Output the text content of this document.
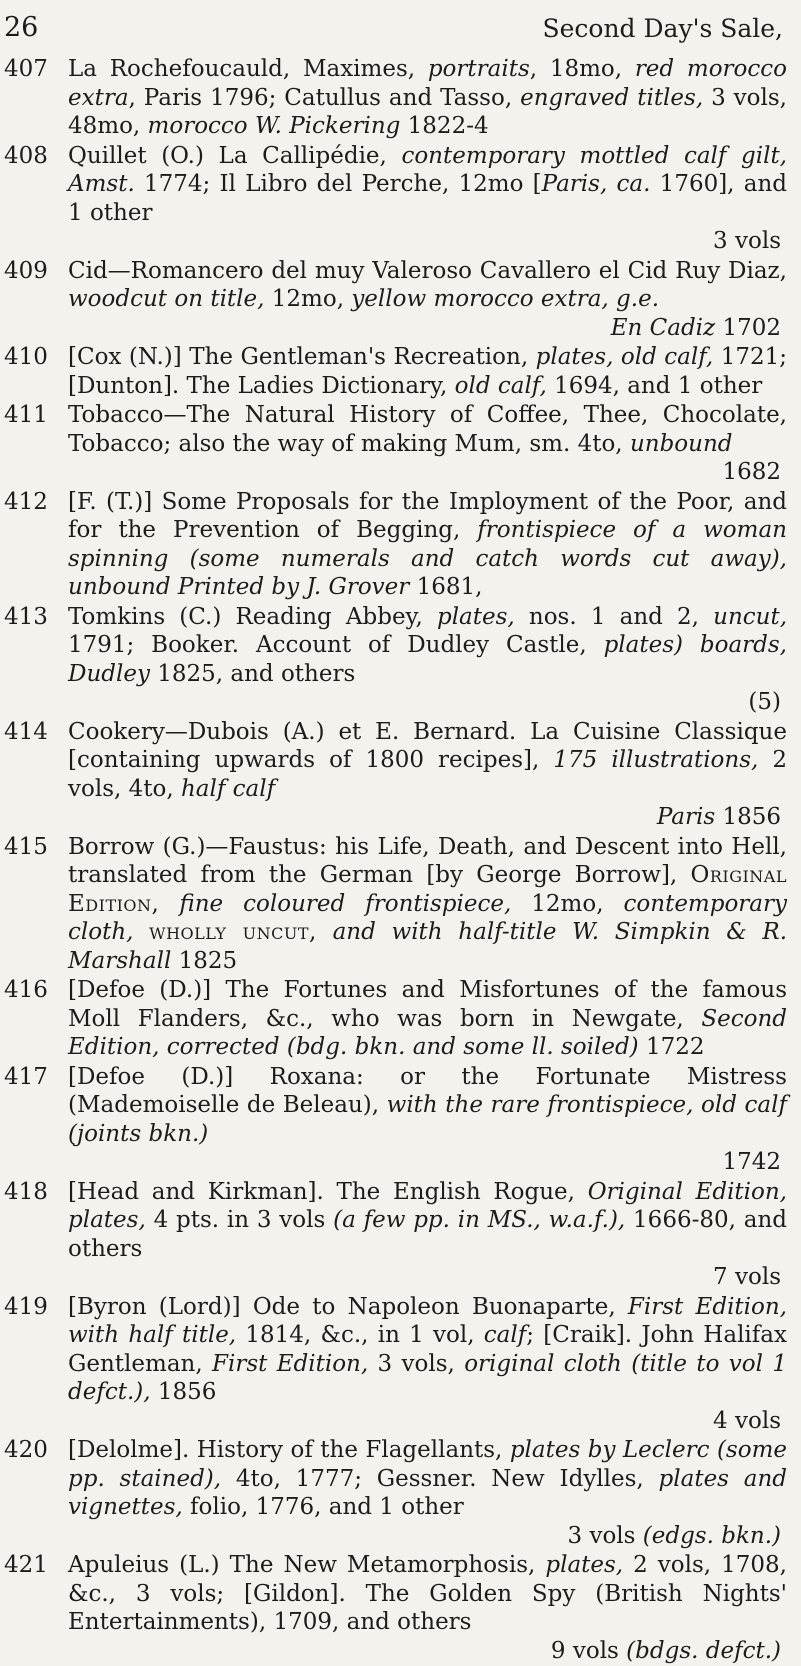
26	Second Day's Sale,
407 La Rochefoucauld, Maximes, portraits, 18mo, red morocco extra, Paris 1796; Catullus and Tasso, engraved titles, 3 vols, 48mo, morocco W. Pickering 1822-4
408 Quillet (O.) La Callipédie, contemporary mottled calf gilt, Amst. 1774; Il Libro del Perche, 12mo [Paris, ca. 1760], and 1 other
3 vols
409 Cid—Romancero del muy Valeroso Cavallero el Cid Ruy Diaz, woodcut on title, 12mo, yellow morocco extra, g.e.
En Cadiz 1702
410 [Cox (N.)] The Gentleman's Recreation, plates, old calf, 1721; [Dunton]. The Ladies Dictionary, old calf, 1694, and 1 other
411 Tobacco—The Natural History of Coffee, Thee, Chocolate, Tobacco; also the way of making Mum, sm. 4to, unbound
1682
412 [F. (T.)] Some Proposals for the Imployment of the Poor, and for the Prevention of Begging, frontispiece of a woman spinning (some numerals and catch words cut away), unbound Printed by J. Grover 1681,
413 Tomkins (C.) Reading Abbey, plates, nos. 1 and 2, uncut, 1791; Booker. Account of Dudley Castle, plates) boards, Dudley 1825, and others
(5)
414 Cookery—Dubois (A.) et E. Bernard. La Cuisine Classique [containing upwards of 1800 recipes], 175 illustrations, 2 vols, 4to, half calf
Paris 1856
415 Borrow (G.)—Faustus: his Life, Death, and Descent into Hell, translated from the German [by George Borrow], Original Edition, fine coloured frontispiece, 12mo, contemporary cloth, wholly uncut, and with half-title W. Simpkin & R. Marshall 1825
416 [Defoe (D.)] The Fortunes and Misfortunes of the famous Moll Flanders, &c., who was born in Newgate, Second Edition, corrected (bdg. bkn. and some ll. soiled) 1722
417 [Defoe (D.)] Roxana: or the Fortunate Mistress (Mademoiselle de Beleau), with the rare frontispiece, old calf (joints bkn.)
1742
418 [Head and Kirkman]. The English Rogue, Original Edition, plates, 4 pts. in 3 vols (a few pp. in MS., w.a.f.), 1666-80, and others
7 vols
419 [Byron (Lord)] Ode to Napoleon Buonaparte, First Edition, with half title, 1814, &c., in 1 vol, calf; [Craik]. John Halifax Gentleman, First Edition, 3 vols, original cloth (title to vol 1 defct.), 1856
4 vols
420 [Delolme]. History of the Flagellants, plates by Leclerc (some pp. stained), 4to, 1777; Gessner. New Idylles, plates and vignettes, folio, 1776, and 1 other
3 vols (edgs. bkn.)
421 Apuleius (L.) The New Metamorphosis, plates, 2 vols, 1708, &c., 3 vols; [Gildon]. The Golden Spy (British Nights' Entertainments), 1709, and others
9 vols (bdgs. defct.)
